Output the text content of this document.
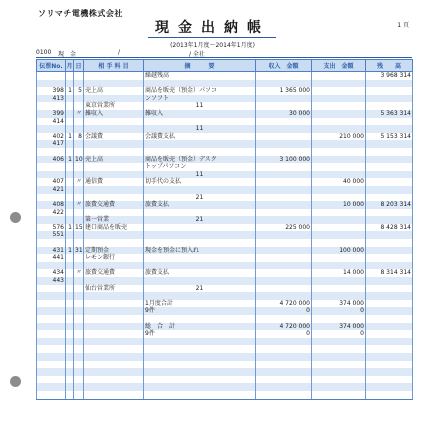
ソリマチ電機株式会社
1 頁
現金出納帳
(2013年1月度〜2014年1月度)
0100 現　金	/	/ 全社
伝票No.	月	日	相 手 科 目	摘　　　要	収入　金額	支出　金額	残　　高
				繰越残高			3 968 314

398	1	5	売上高	商品を販売（預金）パソコ	1 365 000		
413				ンソフト			
			東京営業所	11			
399		〃	雑収入	雑収入	30 000		5 363 314
414							
				11			
402	1	8	会議費	会議費支払		210 000	5 153 314
417							

406	1	10	売上高	商品を販売（預金）デスク	3 100 000		
				トップパソコン			
				11			
407		〃	通信費	切手代の支払		40 000	
421							
				21			
408		〃	旅費交通費	旅費支払		10 000	8 203 314
422							
			第一営業	21			
576	1	15	建口商品を販売		225 000		8 428 314
551							

431	1	31	定期預金	現金を預金に預入れ		100 000	
441			レモン銀行				

434		〃	旅費交通費	旅費支払		14 000	8 314 314
443							
			仙台営業所	21			

				1月度合計	4 720 000	374 000	
				9件	0	0	

				総　合　計	4 720 000	374 000	
				9件	0	0	
